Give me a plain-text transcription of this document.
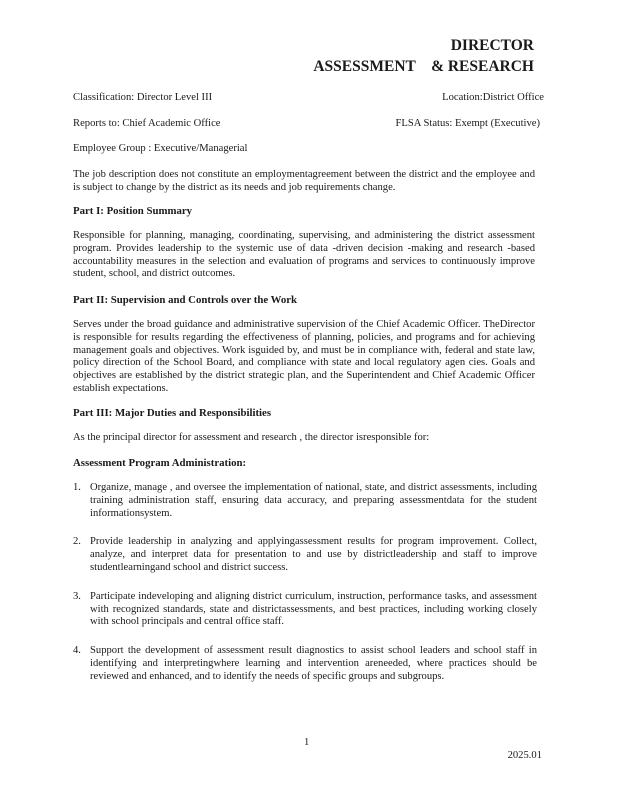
DIRECTOR
ASSESSMENT    & RESEARCH
Classification: Director Level III	Location:District Office
Reports to: Chief Academic Office	FLSA Status: Exempt (Executive)
Employee Group : Executive/Managerial
The job description does not constitute an employmentagreement between the district and the employee and is subject to change by the district as its needs and job requirements change.
Part I: Position Summary
Responsible for planning, managing, coordinating, supervising, and administering the district assessment program. Provides leadership to the systemic use of data -driven decision -making and research -based accountability measures in the selection and evaluation of programs and services to continuously improve student, school, and district outcomes.
Part II: Supervision and Controls over the Work
Serves under the broad guidance and administrative supervision of the Chief Academic Officer. TheDirector is responsible for results regarding the effectiveness of planning, policies, and programs and for achieving management goals and objectives. Work isguided by, and must be in compliance with, federal and state law, policy direction of the School Board, and compliance with state and local regulatory agen cies. Goals and objectives are established by the district strategic plan, and the Superintendent and Chief Academic Officer establish expectations.
Part III: Major Duties and Responsibilities
As the principal director for assessment and research , the director isresponsible for:
Assessment Program Administration:
1. Organize, manage , and oversee the implementation of national, state, and district assessments, including training administration staff, ensuring data accuracy, and preparing assessmentdata for the student informationsystem.
2. Provide leadership in analyzing and applyingassessment results for program improvement. Collect, analyze, and interpret data for presentation to and use by districtleadership and staff to improve studentlearningand school and district success.
3. Participate indeveloping and aligning district curriculum, instruction, performance tasks, and assessment with recognized standards, state and districtassessments, and best practices, including working closely with school principals and central office staff.
4. Support the development of assessment result diagnostics to assist school leaders and school staff in identifying and interpretingwhere learning and intervention areneeded, where practices should be reviewed and enhanced, and to identify the needs of specific groups and subgroups.
1
2025.01
